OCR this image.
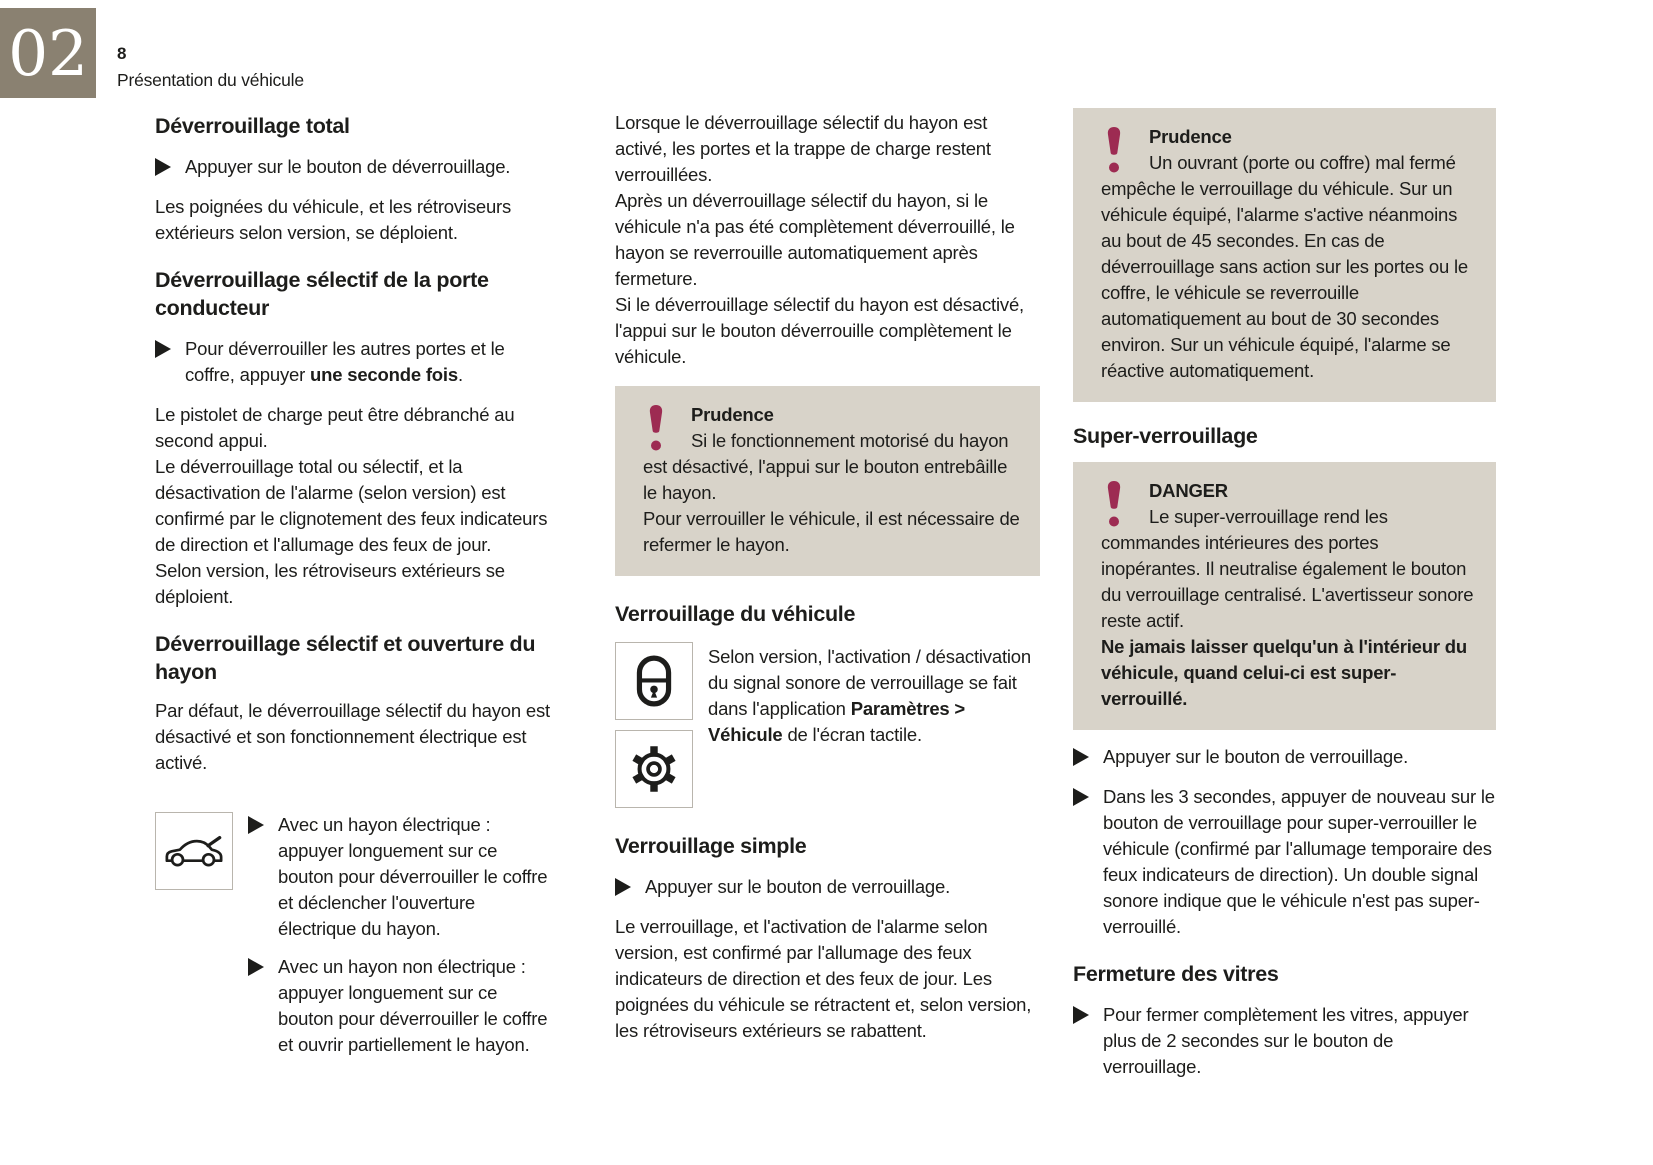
02 8
Présentation du véhicule
Déverrouillage total
Appuyer sur le bouton de déverrouillage.

Les poignées du véhicule, et les rétroviseurs extérieurs selon version, se déploient.

Déverrouillage sélectif de la porte conducteur
Pour déverrouiller les autres portes et le coffre, appuyer une seconde fois.

Le pistolet de charge peut être débranché au second appui.

Le déverrouillage total ou sélectif, et la désactivation de l'alarme (selon version) est confirmé par le clignotement des feux indicateurs de direction et l'allumage des feux de jour.

Selon version, les rétroviseurs extérieurs se déploient.

Déverrouillage sélectif et ouverture du hayon

Par défaut, le déverrouillage sélectif du hayon est désactivé et son fonctionnement électrique est activé.

Avec un hayon électrique : appuyer longuement sur ce bouton pour déverrouiller le coffre et déclencher l'ouverture électrique du hayon.
Avec un hayon non électrique : appuyer longuement sur ce bouton pour déverrouiller le coffre et ouvrir partiellement le hayon.

Lorsque le déverrouillage sélectif du hayon est activé, les portes et la trappe de charge restent verrouillées.

Après un déverrouillage sélectif du hayon, si le véhicule n'a pas été complètement déverrouillé, le hayon se reverrouille automatiquement après fermeture.

Si le déverrouillage sélectif du hayon est désactivé, l'appui sur le bouton déverrouille complètement le véhicule.

Prudence

Si le fonctionnement motorisé du hayon est désactivé, l'appui sur le bouton entrebâille le hayon.

Pour verrouiller le véhicule, il est nécessaire de refermer le hayon.

Verrouillage du véhicule
Selon version, l'activation / désactivation du signal sonore de verrouillage se fait dans l'application Paramètres > Véhicule de l'écran tactile.
Verrouillage simple
Appuyer sur le bouton de verrouillage.

Le verrouillage, et l'activation de l'alarme selon version, est confirmé par l'allumage des feux indicateurs de direction et des feux de jour. Les poignées du véhicule se rétractent et, selon version, les rétroviseurs extérieurs se rabattent.

Prudence

Un ouvrant (porte ou coffre) mal fermé empêche le verrouillage du véhicule. Sur un véhicule équipé, l'alarme s'active néanmoins au bout de 45 secondes. En cas de déverrouillage sans action sur les portes ou le coffre, le véhicule se reverrouille automatiquement au bout de 30 secondes environ. Sur un véhicule équipé, l'alarme se réactive automatiquement.

Super-verrouillage

DANGER

Le super-verrouillage rend les commandes intérieures des portes inopérantes. Il neutralise également le bouton du verrouillage centralisé. L'avertisseur sonore reste actif.

Ne jamais laisser quelqu'un à l'intérieur du véhicule, quand celui-ci est super-verrouillé.

Appuyer sur le bouton de verrouillage.
Dans les 3 secondes, appuyer de nouveau sur le bouton de verrouillage pour super-verrouiller le véhicule (confirmé par l'allumage temporaire des feux indicateurs de direction). Un double signal sonore indique que le véhicule n'est pas super-verrouillé.
Fermeture des vitres
Pour fermer complètement les vitres, appuyer plus de 2 secondes sur le bouton de verrouillage.
